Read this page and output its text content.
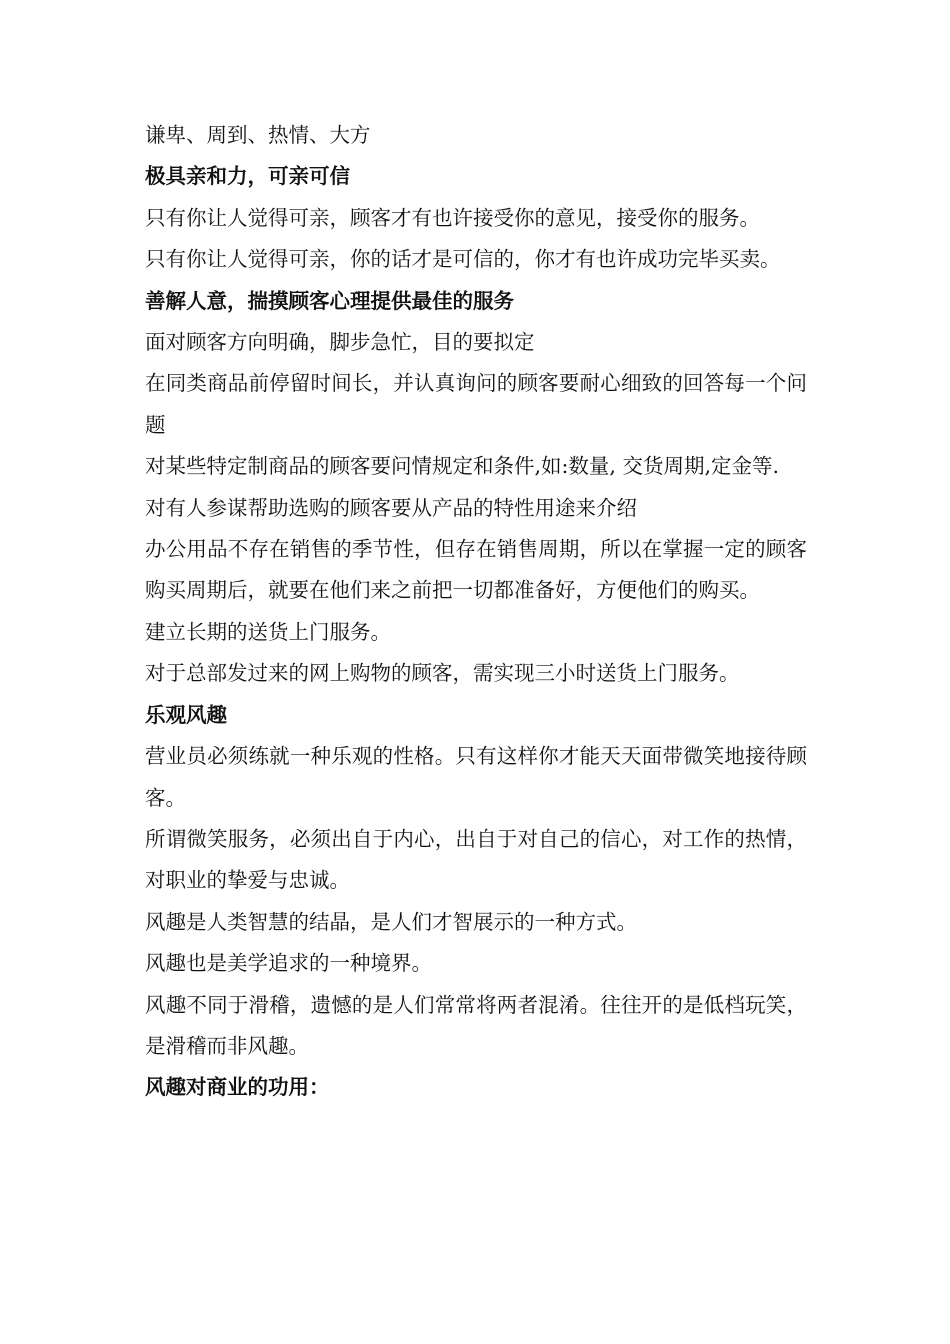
谦卑、周到、热情、大方

极具亲和力，可亲可信

只有你让人觉得可亲，顾客才有也许接受你的意见，接受你的服务。

只有你让人觉得可亲，你的话才是可信的，你才有也许成功完毕买卖。

善解人意，揣摸顾客心理提供最佳的服务

面对顾客方向明确，脚步急忙，目的要拟定

在同类商品前停留时间长，并认真询问的顾客要耐心细致的回答每一个问题

对某些特定制商品的顾客要问情规定和条件,如:数量, 交货周期,定金等.

对有人参谋帮助选购的顾客要从产品的特性用途来介绍

办公用品不存在销售的季节性，但存在销售周期，所以在掌握一定的顾客购买周期后，就要在他们来之前把一切都准备好，方便他们的购买。

建立长期的送货上门服务。

对于总部发过来的网上购物的顾客，需实现三小时送货上门服务。

乐观风趣

营业员必须练就一种乐观的性格。只有这样你才能天天面带微笑地接待顾客。

所谓微笑服务，必须出自于内心，出自于对自己的信心，对工作的热情，对职业的挚爱与忠诚。

风趣是人类智慧的结晶，是人们才智展示的一种方式。

风趣也是美学追求的一种境界。

风趣不同于滑稽，遗憾的是人们常常将两者混淆。往往开的是低档玩笑，是滑稽而非风趣。

风趣对商业的功用：
